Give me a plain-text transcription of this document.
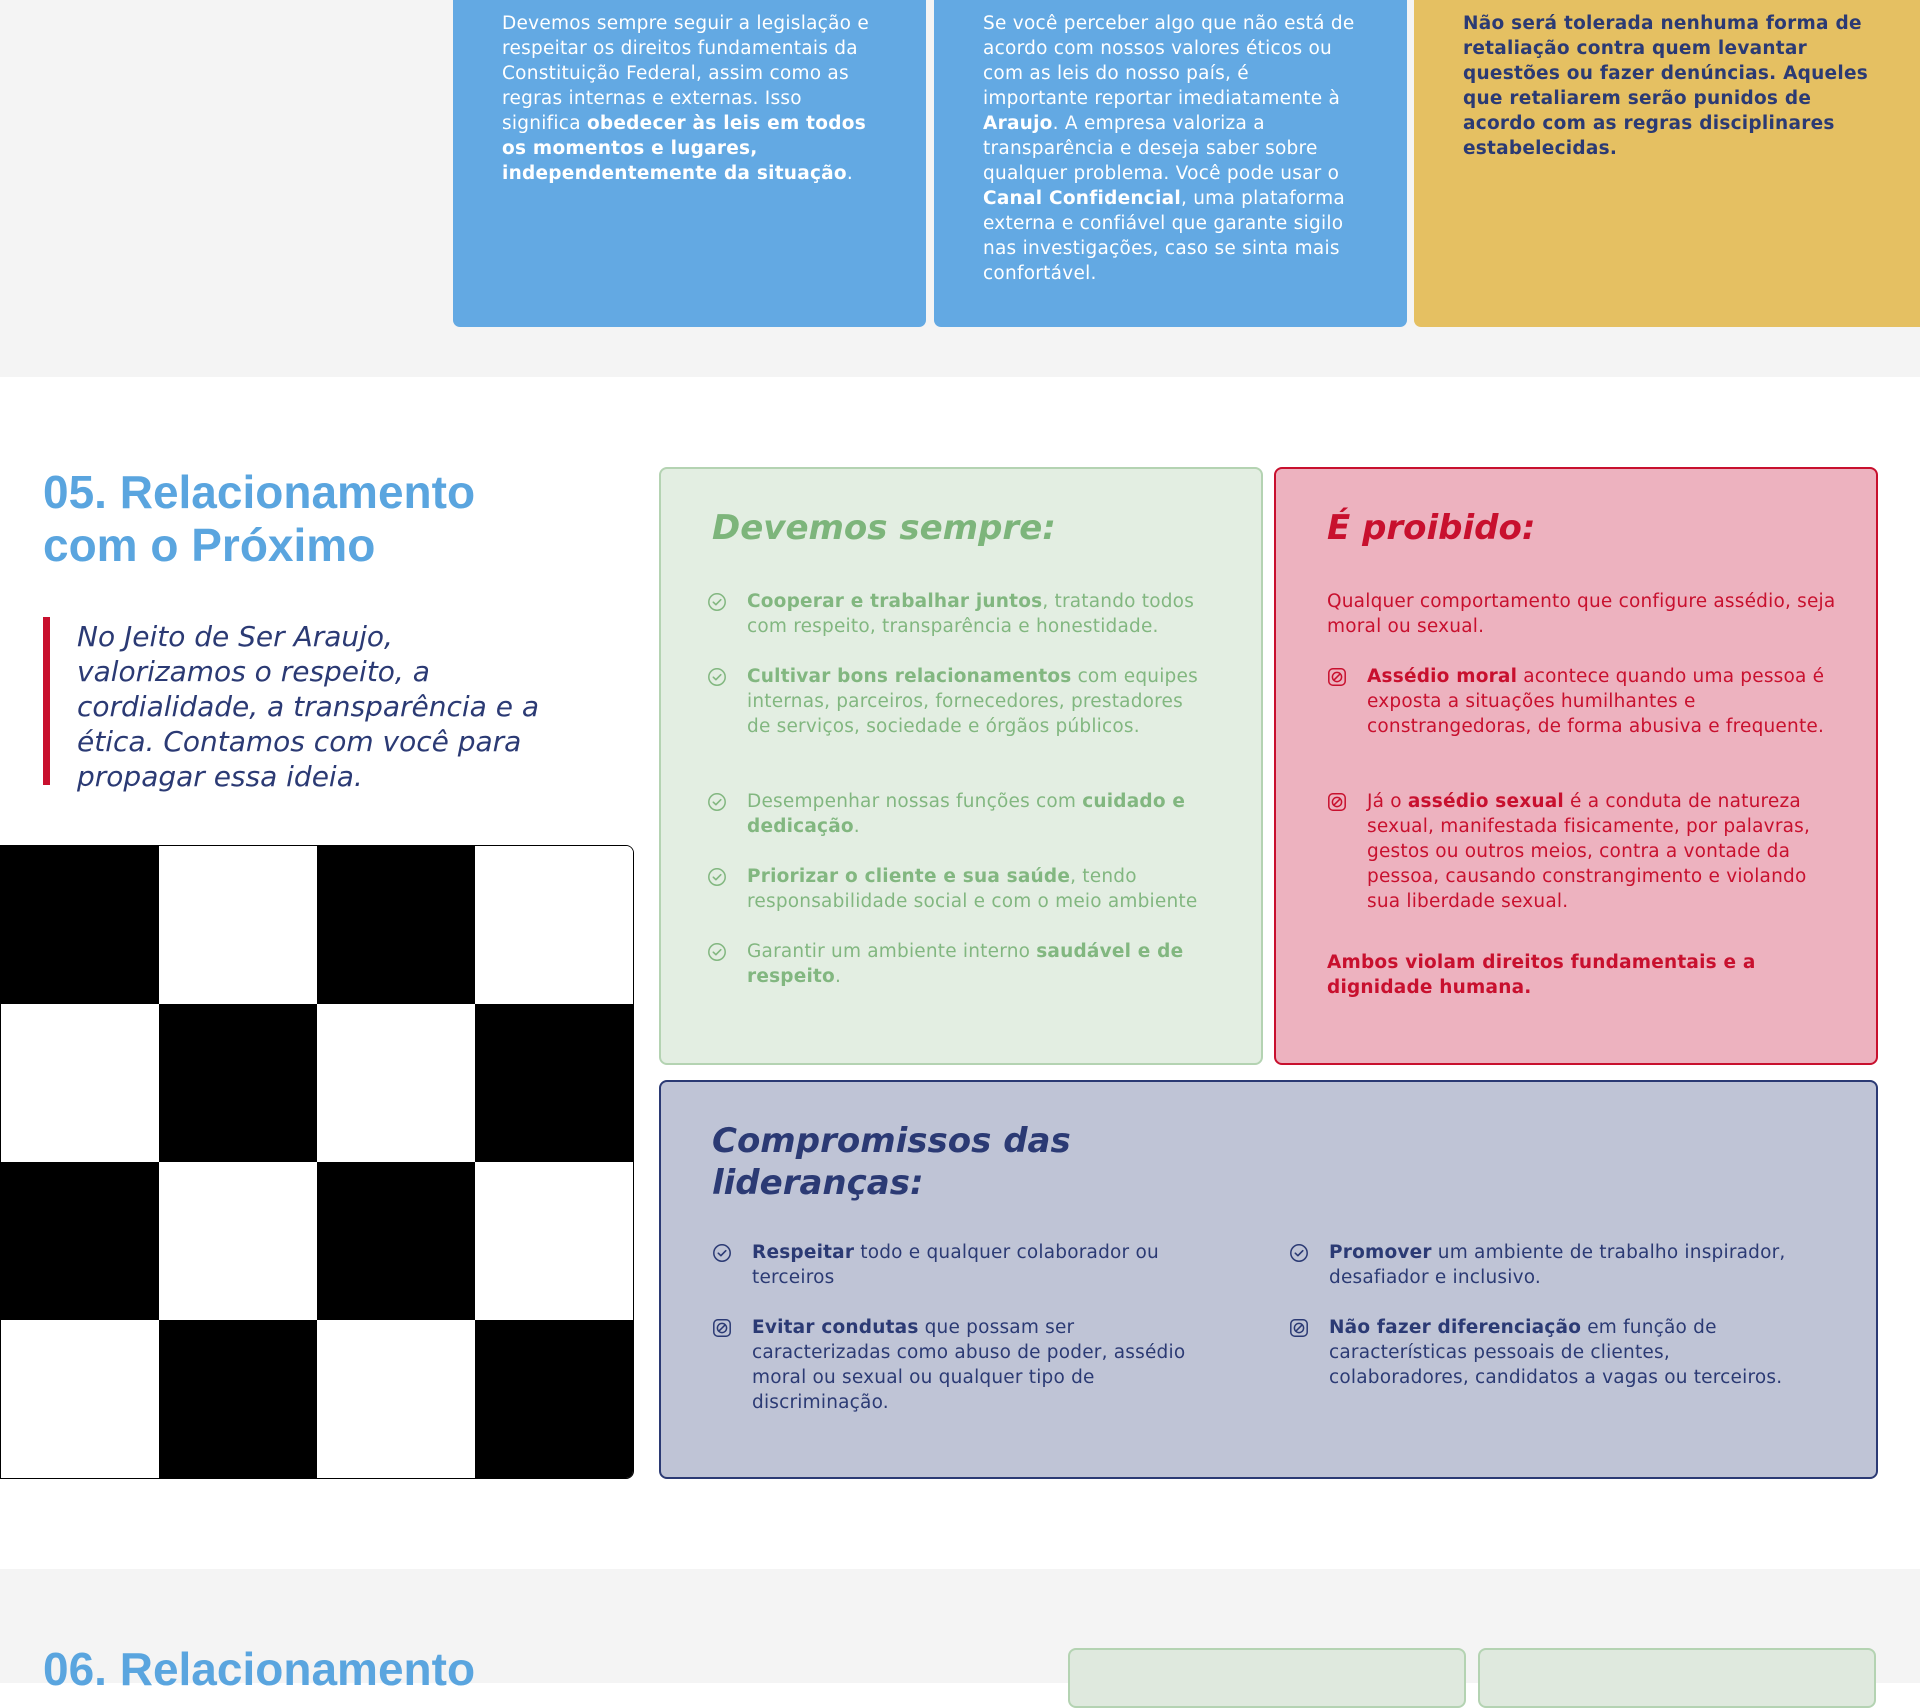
Devemos sempre seguir a legislação e respeitar os direitos fundamentais da Constituição Federal, assim como as regras internas e externas. Isso significa obedecer às leis em todos os momentos e lugares, independentemente da situação.
Se você perceber algo que não está de acordo com nossos valores éticos ou com as leis do nosso país, é importante reportar imediatamente à Araujo. A empresa valoriza a transparência e deseja saber sobre qualquer problema. Você pode usar o Canal Confidencial, uma plataforma externa e confiável que garante sigilo nas investigações, caso se sinta mais confortável.
Não será tolerada nenhuma forma de retaliação contra quem levantar questões ou fazer denúncias. Aqueles que retaliarem serão punidos de acordo com as regras disciplinares estabelecidas.
05. Relacionamento
com o Próximo
No Jeito de Ser Araujo, valorizamos o respeito, a cordialidade, a transparência e a ética. Contamos com você para propagar essa ideia.
Devemos sempre:
Cooperar e trabalhar juntos, tratando todos com respeito, transparência e honestidade.
Cultivar bons relacionamentos com equipes internas, parceiros, fornecedores, prestadores de serviços, sociedade e órgãos públicos.
Desempenhar nossas funções com cuidado e dedicação.
Priorizar o cliente e sua saúde, tendo responsabilidade social e com o meio ambiente
Garantir um ambiente interno saudável e de respeito.
É proibido:
Qualquer comportamento que configure assédio, seja moral ou sexual.
Assédio moral acontece quando uma pessoa é exposta a situações humilhantes e constrangedoras, de forma abusiva e frequente.
Já o assédio sexual é a conduta de natureza sexual, manifestada fisicamente, por palavras, gestos ou outros meios, contra a vontade da pessoa, causando constrangimento e violando sua liberdade sexual.
Ambos violam direitos fundamentais e a dignidade humana.
Compromissos das
lideranças:
Respeitar todo e qualquer colaborador ou terceiros
Promover um ambiente de trabalho inspirador, desafiador e inclusivo.
Evitar condutas que possam ser caracterizadas como abuso de poder, assédio moral ou sexual ou qualquer tipo de discriminação.
Não fazer diferenciação em função de características pessoais de clientes, colaboradores, candidatos a vagas ou terceiros.
06. Relacionamento
